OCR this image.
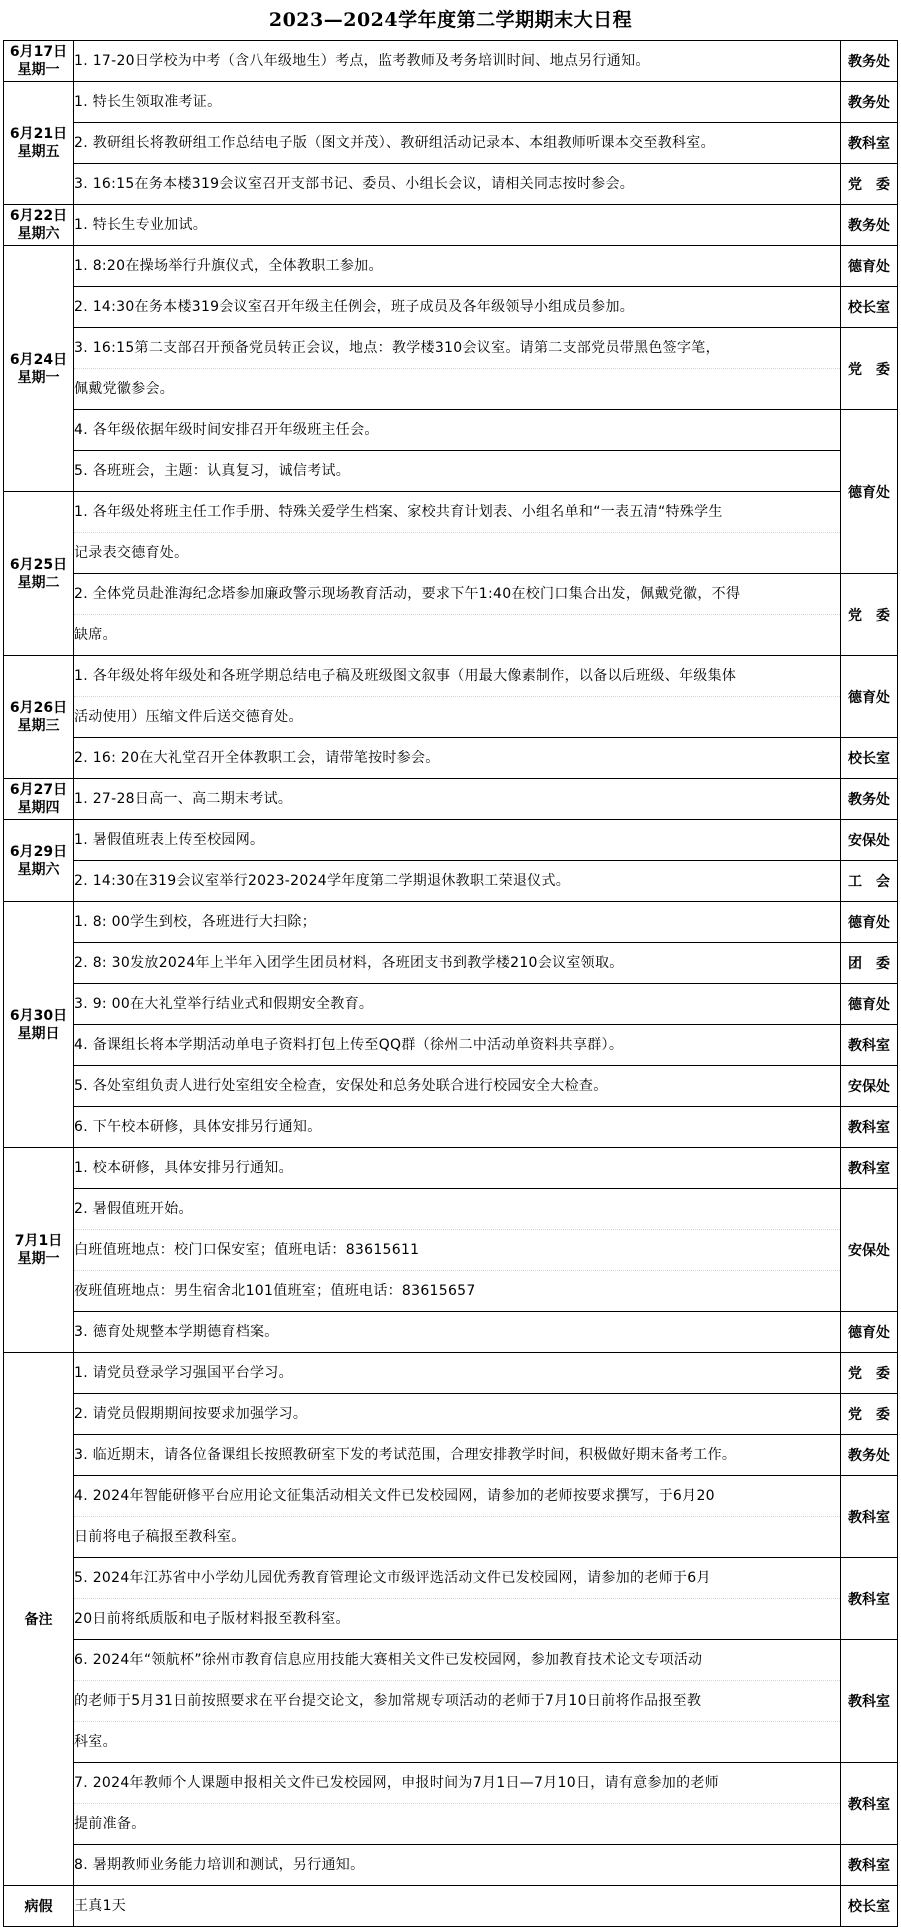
2023—2024学年度第二学期期末大日程
6月17日
星期一	1. 17-20日学校为中考（含八年级地生）考点，监考教师及考务培训时间、地点另行通知。	教务处

6月21日
星期五	1. 特长生领取准考证。	教务处
	2. 教研组长将教研组工作总结电子版（图文并茂）、教研组活动记录本、本组教师听课本交至教科室。	教科室
	3. 16:15在务本楼319会议室召开支部书记、委员、小组长会议，请相关同志按时参会。	党　委

6月22日
星期六	1. 特长生专业加试。	教务处

6月24日
星期一	1. 8:20在操场举行升旗仪式，全体教职工参加。	德育处
	2. 14:30在务本楼319会议室召开年级主任例会，班子成员及各年级领导小组成员参加。	校长室

	3. 16:15第二支部召开预备党员转正会议，地点：教学楼310会议室。请第二支部党员带黑色签字笔，
佩戴党徽参会。	党　委
	4. 各年级依据年级时间安排召开年级班主任会。	德育处
	5. 各班班会，主题：认真复习，诚信考试。	

6月25日
星期二	1. 各年级处将班主任工作手册、特殊关爱学生档案、家校共育计划表、小组名单和“一表五清“特殊学生
记录表交德育处。	

	2. 全体党员赴淮海纪念塔参加廉政警示现场教育活动，要求下午1:40在校门口集合出发，佩戴党徽，不得
缺席。	党　委

6月26日
星期三	1. 各年级处将年级处和各班学期总结电子稿及班级图文叙事（用最大像素制作，以备以后班级、年级集体
活动使用）压缩文件后送交德育处。	德育处
	2. 16: 20在大礼堂召开全体教职工会，请带笔按时参会。	校长室

6月27日
星期四	1. 27-28日高一、高二期末考试。	教务处

6月29日
星期六	1. 暑假值班表上传至校园网。	安保处
	2. 14:30在319会议室举行2023-2024学年度第二学期退休教职工荣退仪式。	工　会

6月30日
星期日	1. 8: 00学生到校，各班进行大扫除；	德育处
	2. 8: 30发放2024年上半年入团学生团员材料，各班团支书到教学楼210会议室领取。	团　委
	3. 9: 00在大礼堂举行结业式和假期安全教育。	德育处
	4. 备课组长将本学期活动单电子资料打包上传至QQ群（徐州二中活动单资料共享群）。	教科室
	5. 各处室组负责人进行处室组安全检查，安保处和总务处联合进行校园安全大检查。	安保处
	6. 下午校本研修，具体安排另行通知。	教科室

7月1日
星期一	1. 校本研修，具体安排另行通知。	教科室

	2. 暑假值班开始。
白班值班地点：校门口保安室；值班电话：83615611
夜班值班地点：男生宿舍北101值班室；值班电话：83615657	安保处
	3. 德育处规整本学期德育档案。	德育处
备注	1. 请党员登录学习强国平台学习。	党　委
	2. 请党员假期期间按要求加强学习。	党　委
	3. 临近期末，请各位备课组长按照教研室下发的考试范围，合理安排教学时间，积极做好期末备考工作。	教务处

	4. 2024年智能研修平台应用论文征集活动相关文件已发校园网，请参加的老师按要求撰写，于6月20
日前将电子稿报至教科室。	教科室

	5. 2024年江苏省中小学幼儿园优秀教育管理论文市级评选活动文件已发校园网，请参加的老师于6月
20日前将纸质版和电子版材料报至教科室。	教科室

	6. 2024年“领航杯”徐州市教育信息应用技能大赛相关文件已发校园网，参加教育技术论文专项活动
的老师于5月31日前按照要求在平台提交论文，参加常规专项活动的老师于7月10日前将作品报至教
科室。	教科室

	7. 2024年教师个人课题申报相关文件已发校园网，申报时间为7月1日—7月10日，请有意参加的老师
提前准备。	教科室
	8. 暑期教师业务能力培训和测试，另行通知。	教科室
病假	王真1天	校长室
